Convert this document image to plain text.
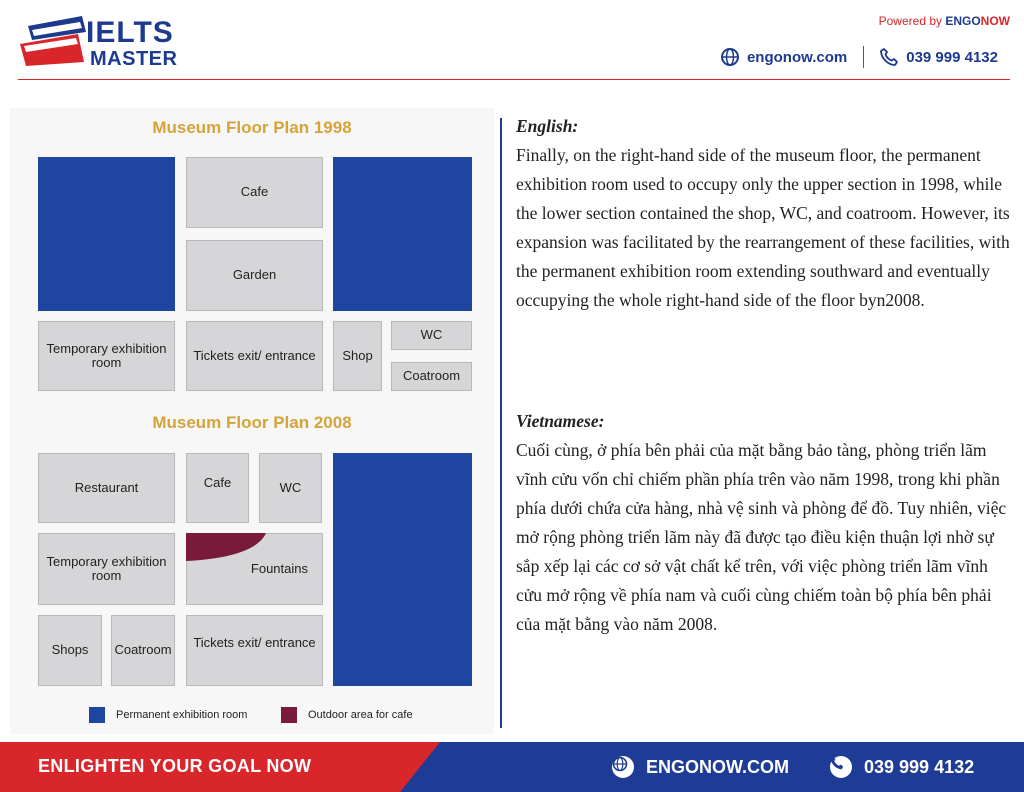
IELTS
MASTER
Powered by ENGONOW
engonow.com	039 999 4132
Museum Floor Plan 1998
Cafe
Garden
Temporary exhibition room	Tickets exit/ entrance	Shop
WC
Coatroom
Museum Floor Plan 2008
Restaurant	Cafe	WC
Temporary exhibition room	Fountains
Shops	Coatroom	Tickets exit/ entrance
Permanent exhibition room	Outdoor area for cafe
English:
Finally, on the right-hand side of the museum floor, the permanent exhibition room used to occupy only the upper section in 1998, while the lower section contained the shop, WC, and coatroom. However, its expansion was facilitated by the rearrangement of these facilities, with the permanent exhibition room extending southward and eventually occupying the whole right-hand side of the floor byn2008.
Vietnamese:
Cuối cùng, ở phía bên phải của mặt bằng bảo tàng, phòng triển lãm vĩnh cửu vốn chỉ chiếm phần phía trên vào năm 1998, trong khi phần phía dưới chứa cửa hàng, nhà vệ sinh và phòng để đồ. Tuy nhiên, việc mở rộng phòng triển lãm này đã được tạo điều kiện thuận lợi nhờ sự sắp xếp lại các cơ sở vật chất kể trên, với việc phòng triển lãm vĩnh cửu mở rộng về phía nam và cuối cùng chiếm toàn bộ phía bên phải của mặt bằng vào năm 2008.
ENLIGHTEN YOUR GOAL NOW	ENGONOW.COM	039 999 4132
